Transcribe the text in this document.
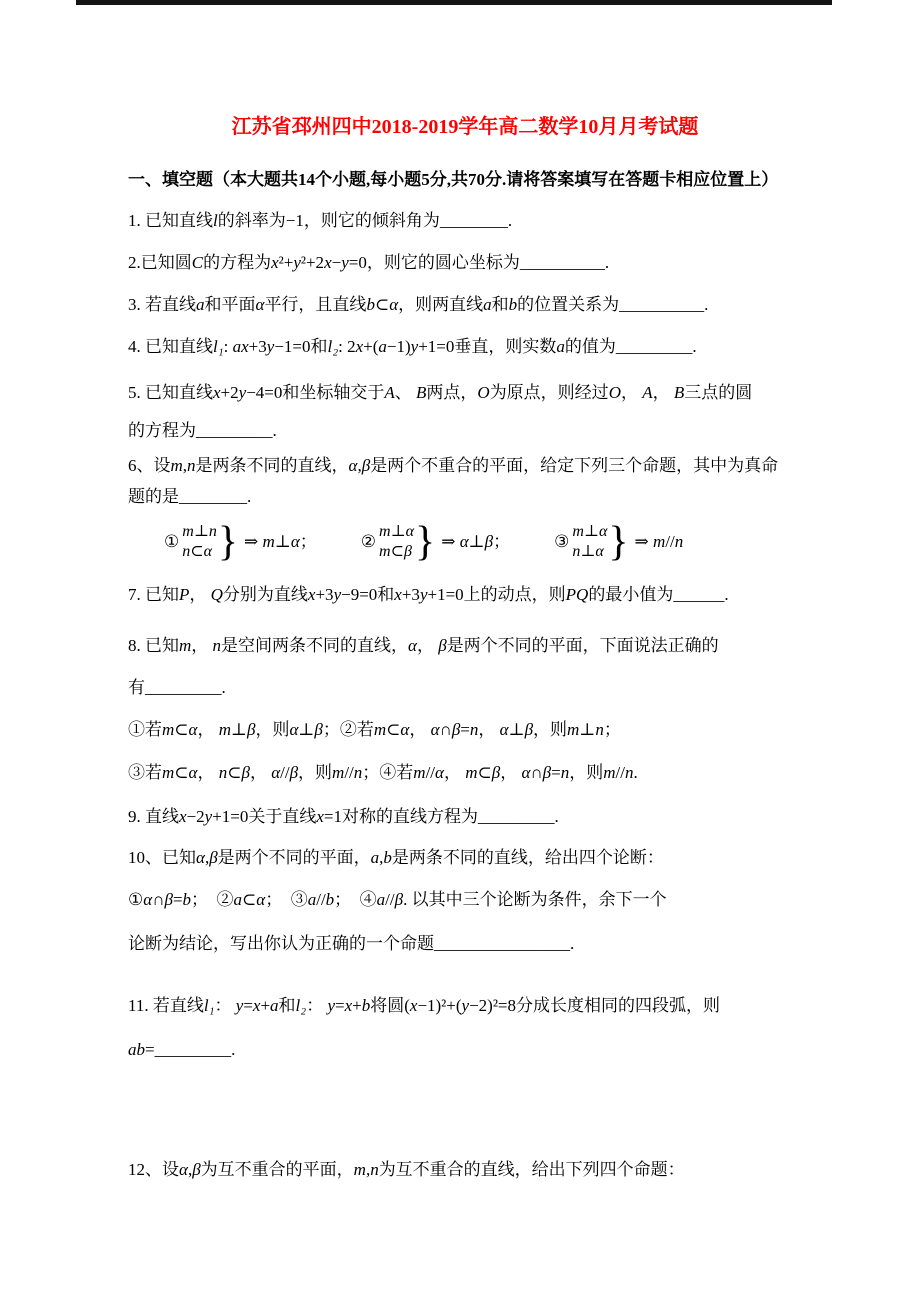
江苏省邳州四中2018-2019学年高二数学10月月考试题
一、填空题（本大题共14个小题,每小题5分,共70分.请将答案填写在答题卡相应位置上）
1. 已知直线l的斜率为−1，则它的倾斜角为________.
2.已知圆C的方程为x²+y²+2x−y=0，则它的圆心坐标为__________.
3. 若直线a和平面α平行，且直线b⊂α，则两直线a和b的位置关系为__________.
4. 已知直线l₁: ax+3y−1=0和l₂: 2x+(a−1)y+1=0垂直，则实数a的值为_________.
5. 已知直线x+2y−4=0和坐标轴交于A、 B两点，O为原点，则经过O， A， B三点的圆
的方程为_________.
6、设m,n是两条不同的直线，α,β是两个不重合的平面，给定下列三个命题，其中为真命
题的是________.
①
m⊥n
n⊂α } ⇒ m⊥α；	②
m⊥α
m⊂β } ⇒ α⊥β；	③
m⊥α
n⊥α } ⇒ m//n
7. 已知P， Q分别为直线x+3y−9=0和x+3y+1=0上的动点，则PQ的最小值为______.
8. 已知m， n是空间两条不同的直线，α， β是两个不同的平面，下面说法正确的
有_________.
①若m⊂α， m⊥β，则α⊥β；②若m⊂α， α∩β=n， α⊥β，则m⊥n；
③若m⊂α， n⊂β， α//β，则m//n；④若m//α， m⊂β， α∩β=n，则m//n.
9. 直线x−2y+1=0关于直线x=1对称的直线方程为_________.
10、已知α,β是两个不同的平面，a,b是两条不同的直线，给出四个论断：
①α∩β=b；　②a⊂α；　③a//b；　④a//β. 以其中三个论断为条件，余下一个
论断为结论，写出你认为正确的一个命题________________.
11. 若直线l₁： y=x+a和l₂： y=x+b将圆(x−1)²+(y−2)²=8分成长度相同的四段弧，则
ab=_________.
12、设α,β为互不重合的平面，m,n为互不重合的直线，给出下列四个命题：
